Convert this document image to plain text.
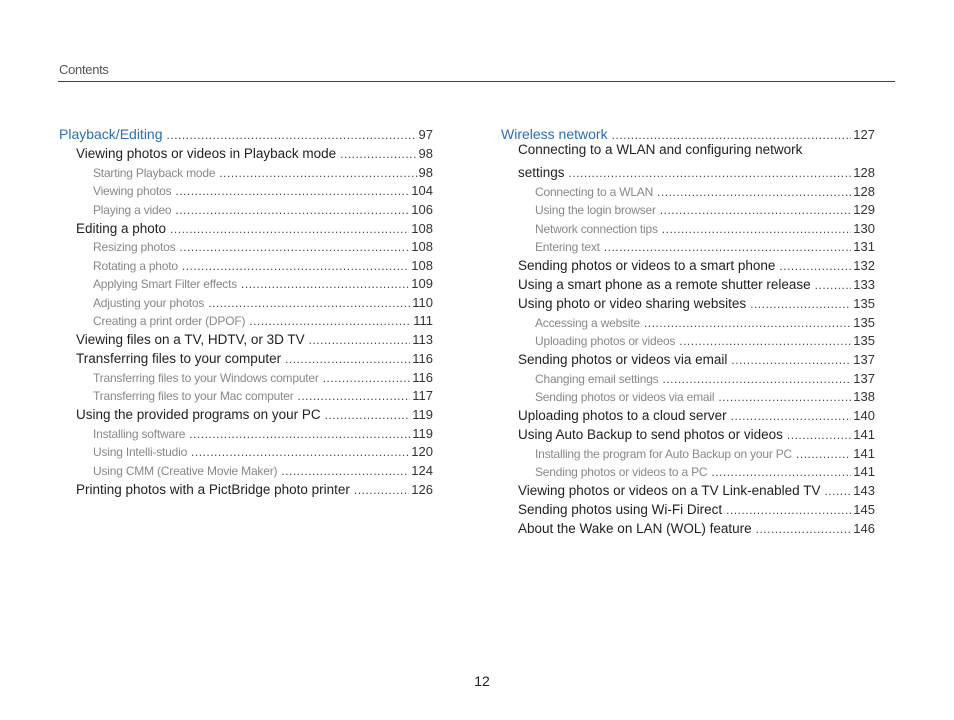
Contents
Playback/Editing .....	97
Viewing photos or videos in Playback mode .....	98
Starting Playback mode .....	98
Viewing photos .....	104
Playing a video .....	106
Editing a photo .....	108
Resizing photos .....	108
Rotating a photo .....	108
Applying Smart Filter effects .....	109
Adjusting your photos .....	110
Creating a print order (DPOF) .....	111
Viewing files on a TV, HDTV, or 3D TV .....	113
Transferring files to your computer .....	116
Transferring files to your Windows computer .....	116
Transferring files to your Mac computer .....	117
Using the provided programs on your PC .....	119
Installing software .....	119
Using Intelli-studio .....	120
Using CMM (Creative Movie Maker) .....	124
Printing photos with a PictBridge photo printer .....	126
Wireless network .....	127
Connecting to a WLAN and configuring network
settings .....	128
Connecting to a WLAN .....	128
Using the login browser .....	129
Network connection tips .....	130
Entering text .....	131
Sending photos or videos to a smart phone .....	132
Using a smart phone as a remote shutter release .....	133
Using photo or video sharing websites .....	135
Accessing a website .....	135
Uploading photos or videos .....	135
Sending photos or videos via email .....	137
Changing email settings .....	137
Sending photos or videos via email .....	138
Uploading photos to a cloud server .....	140
Using Auto Backup to send photos or videos .....	141
Installing the program for Auto Backup on your PC .....	141
Sending photos or videos to a PC .....	141
Viewing photos or videos on a TV Link-enabled TV .....	143
Sending photos using Wi-Fi Direct .....	145
About the Wake on LAN (WOL) feature .....	146
12
